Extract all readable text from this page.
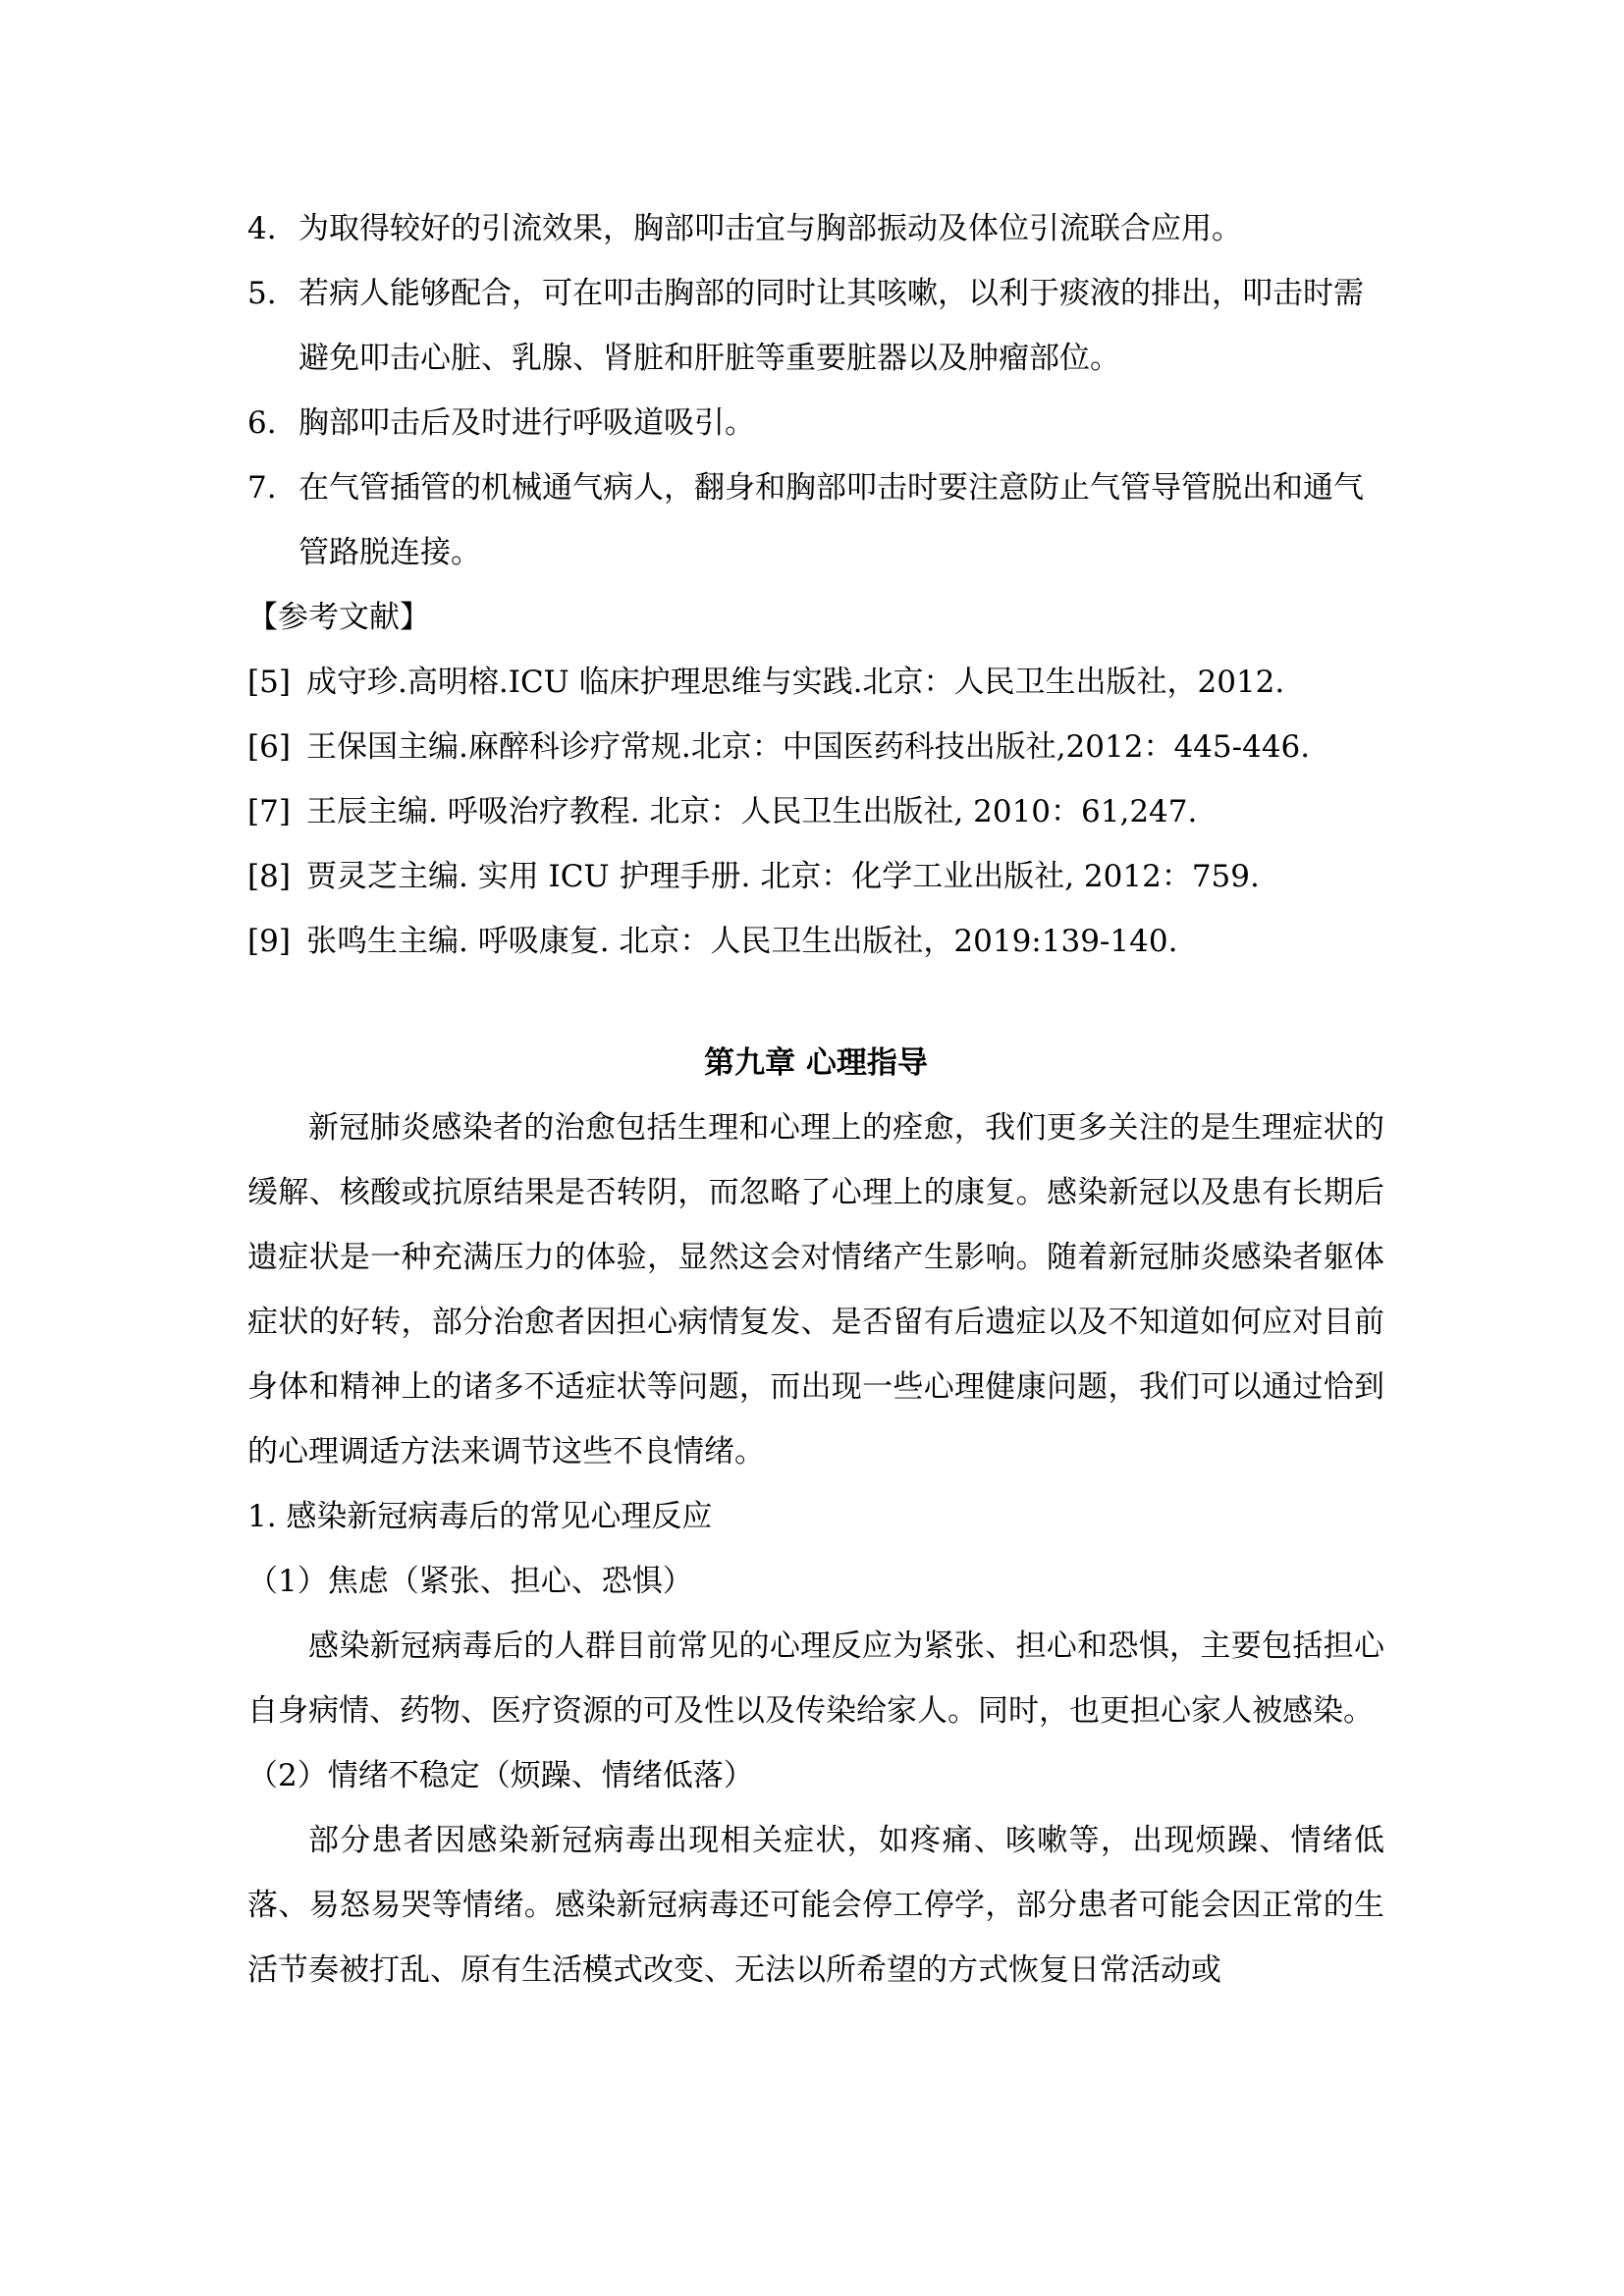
4. 为取得较好的引流效果，胸部叩击宜与胸部振动及体位引流联合应用。
5. 若病人能够配合，可在叩击胸部的同时让其咳嗽，以利于痰液的排出，叩击时需避免叩击心脏、乳腺、肾脏和肝脏等重要脏器以及肿瘤部位。
6. 胸部叩击后及时进行呼吸道吸引。
7. 在气管插管的机械通气病人，翻身和胸部叩击时要注意防止气管导管脱出和通气管路脱连接。

【参考文献】

[5] 成守珍.高明榕.ICU 临床护理思维与实践.北京：人民卫生出版社，2012.
[6] 王保国主编.麻醉科诊疗常规.北京：中国医药科技出版社,2012：445-446.
[7] 王辰主编. 呼吸治疗教程. 北京：人民卫生出版社, 2010：61,247.
[8] 贾灵芝主编. 实用 ICU 护理手册. 北京：化学工业出版社, 2012：759.
[9] 张鸣生主编. 呼吸康复. 北京：人民卫生出版社，2019:139-140.

第九章 心理指导

新冠肺炎感染者的治愈包括生理和心理上的痊愈，我们更多关注的是生理症状的缓解、核酸或抗原结果是否转阴，而忽略了心理上的康复。感染新冠以及患有长期后遗症状是一种充满压力的体验，显然这会对情绪产生影响。随着新冠肺炎感染者躯体症状的好转，部分治愈者因担心病情复发、是否留有后遗症以及不知道如何应对目前身体和精神上的诸多不适症状等问题，而出现一些心理健康问题，我们可以通过恰到的心理调适方法来调节这些不良情绪。

1. 感染新冠病毒后的常见心理反应

（1）焦虑（紧张、担心、恐惧）

感染新冠病毒后的人群目前常见的心理反应为紧张、担心和恐惧，主要包括担心自身病情、药物、医疗资源的可及性以及传染给家人。同时，也更担心家人被感染。

（2）情绪不稳定（烦躁、情绪低落）

部分患者因感染新冠病毒出现相关症状，如疼痛、咳嗽等，出现烦躁、情绪低落、易怒易哭等情绪。感染新冠病毒还可能会停工停学，部分患者可能会因正常的生活节奏被打乱、原有生活模式改变、无法以所希望的方式恢复日常活动或
